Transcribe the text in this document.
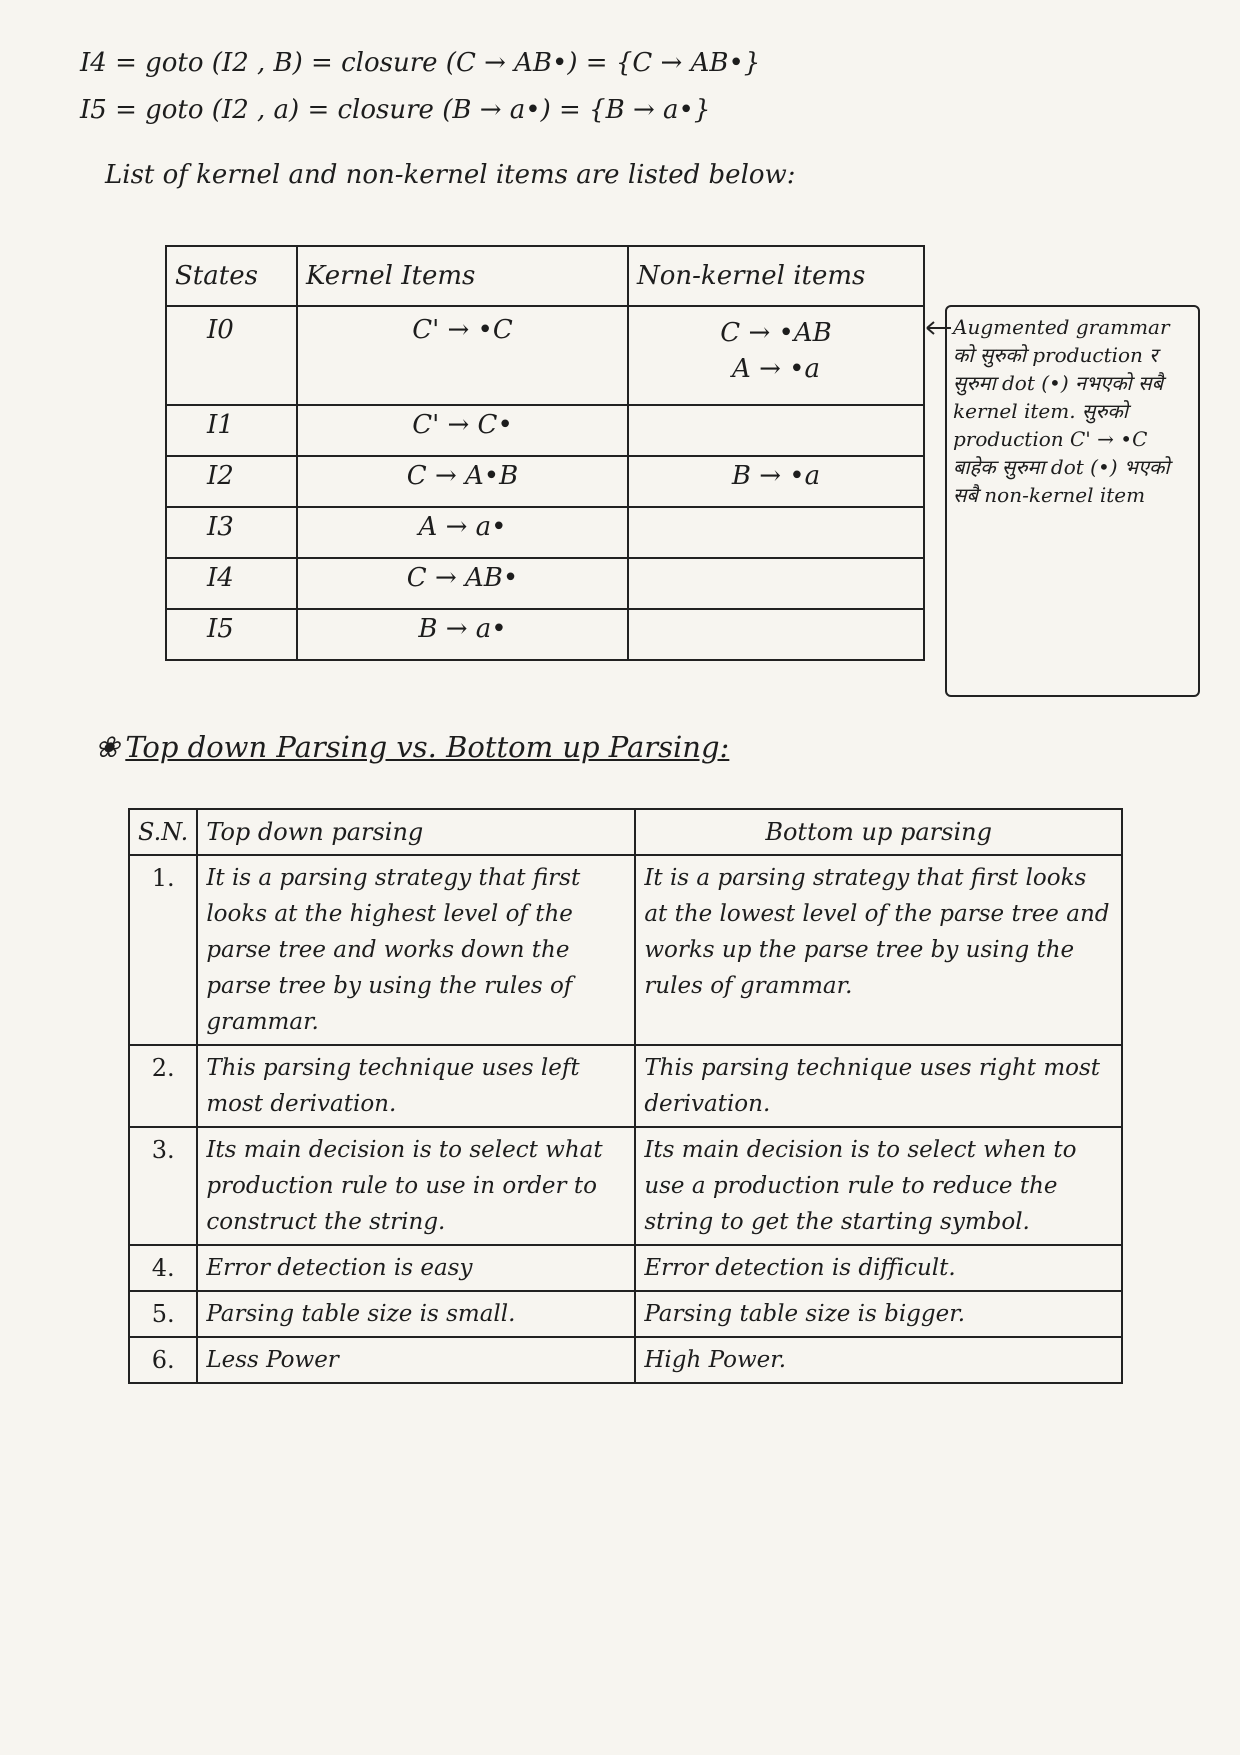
I4 = goto (I2 , B) = closure (C → AB•) = {C → AB•}
I5 = goto (I2 , a) = closure (B → a•) = {B → a•}
List of kernel and non-kernel items are listed below:
States	Kernel Items	Non-kernel items
I0	C' → •C	C → •AB
A → •a
I1	C' → C•	
I2	C → A•B	B → •a
I3	A → a•	
I4	C → AB•	
I5	B → a•	
Augmented grammar को सुरुको production र सुरुमा dot (•) नभएको सबै kernel item. सुरुको production C' → •C बाहेक सुरुमा dot (•) भएको सबै non-kernel item
❀ Top down Parsing vs. Bottom up Parsing:
S.N.	Top down parsing	Bottom up parsing
1.	It is a parsing strategy that first looks at the highest level of the parse tree and works down the parse tree by using the rules of grammar.	It is a parsing strategy that first looks at the lowest level of the parse tree and works up the parse tree by using the rules of grammar.
2.	This parsing technique uses left most derivation.	This parsing technique uses right most derivation.
3.	Its main decision is to select what production rule to use in order to construct the string.	Its main decision is to select when to use a production rule to reduce the string to get the starting symbol.
4.	Error detection is easy	Error detection is difficult.
5.	Parsing table size is small.	Parsing table size is bigger.
6.	Less Power	High Power.
